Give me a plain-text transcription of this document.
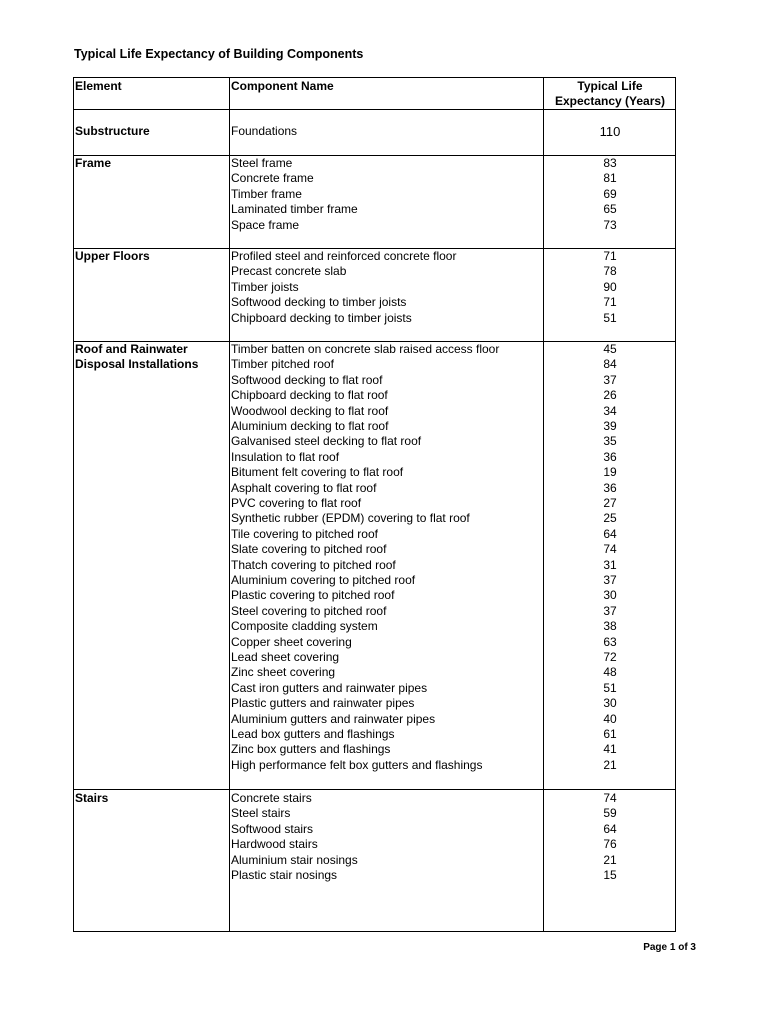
Typical Life Expectancy of Building Components
Element	Component Name	Typical Life
Expectancy (Years)
Substructure	Foundations	110
Frame	Steel frame	83
Concrete frame	81
Timber frame	69
Laminated timber frame	65
Space frame	73
Upper Floors	Profiled steel and reinforced concrete floor	71
Precast concrete slab	78
Timber joists	90
Softwood decking to timber joists	71
Chipboard decking to timber joists	51
Roof and Rainwater Disposal Installations
Timber batten on concrete slab raised access floor	45
Timber pitched roof	84
Softwood decking to flat roof	37
Chipboard decking to flat roof	26
Woodwool decking to flat roof	34
Aluminium decking to flat roof	39
Galvanised steel decking to flat roof	35
Insulation to flat roof	36
Bitument felt covering to flat roof	19
Asphalt covering to flat roof	36
PVC covering to flat roof	27
Synthetic rubber (EPDM) covering to flat roof	25
Tile covering to pitched roof	64
Slate covering to pitched roof	74
Thatch covering to pitched roof	31
Aluminium covering to pitched roof	37
Plastic covering to pitched roof	30
Steel covering to pitched roof	37
Composite cladding system	38
Copper sheet covering	63
Lead sheet covering	72
Zinc sheet covering	48
Cast iron gutters and rainwater pipes	51
Plastic gutters and rainwater pipes	30
Aluminium gutters and rainwater pipes	40
Lead box gutters and flashings	61
Zinc box gutters and flashings	41
High performance felt box gutters and flashings	21
Stairs	Concrete stairs	74
Steel stairs	59
Softwood stairs	64
Hardwood stairs	76
Aluminium stair nosings	21
Plastic stair nosings	15
Page 1 of 3
